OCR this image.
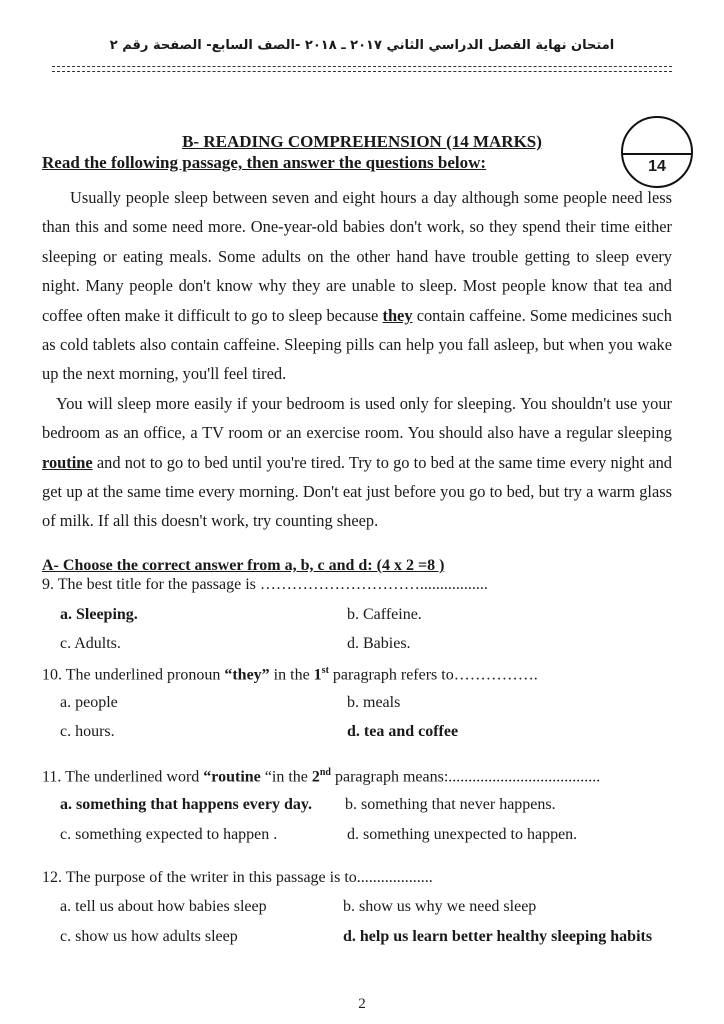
امتحان نهاية الفصل الدراسي الثاني ٢٠١٧ ـ ٢٠١٨ -الصف السابع- الصفحة رقم ٢
B- READING COMPREHENSION (14 MARKS)
Read the following passage, then answer the questions below:	14

Usually people sleep between seven and eight hours a day although some people need less than this and some need more. One-year-old babies don't work, so they spend their time either sleeping or eating meals. Some adults on the other hand have trouble getting to sleep every night. Many people don't know why they are unable to sleep. Most people know that tea and coffee often make it difficult to go to sleep because they contain caffeine. Some medicines such as cold tablets also contain caffeine. Sleeping pills can help you fall asleep, but when you wake up the next morning, you'll feel tired.

You will sleep more easily if your bedroom is used only for sleeping. You shouldn't use your bedroom as an office, a TV room or an exercise room. You should also have a regular sleeping routine and not to go to bed until you're tired. Try to go to bed at the same time every night and get up at the same time every morning. Don't eat just before you go to bed, but try a warm glass of milk. If all this doesn't work, try counting sheep.

A- Choose the correct answer from a, b, c and d: (4 x 2 =8 )
9. The best title for the passage is ………………………….................
a. Sleeping.	b. Caffeine.
c. Adults.	d. Babies.
10. The underlined pronoun “they” in the 1st paragraph refers to…………….
a. people	b. meals
c. hours.	d. tea and coffee
11. The underlined word “routine “in the 2nd paragraph means:......................................
a. something that happens every day. b. something that never happens.
c. something expected to happen .	d. something unexpected to happen.
12. The purpose of the writer in this passage is to...................
a. tell us about how babies sleep	b. show us why we need sleep
c. show us how adults sleep	d. help us learn better healthy sleeping habits
2
